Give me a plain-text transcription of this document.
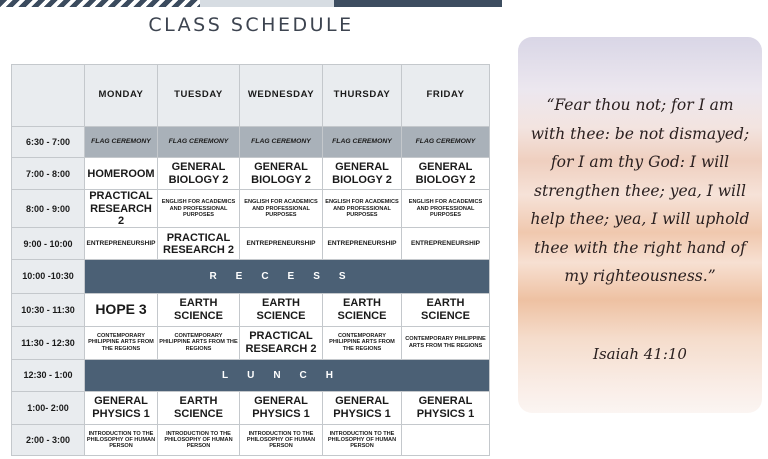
CLASS SCHEDULE
	MONDAY	TUESDAY	WEDNESDAY	THURSDAY	FRIDAY
6:30 - 7:00	FLAG CEREMONY	FLAG CEREMONY	FLAG CEREMONY	FLAG CEREMONY	FLAG CEREMONY
7:00 - 8:00	HOMEROOM	GENERAL BIOLOGY 2	GENERAL BIOLOGY 2	GENERAL BIOLOGY 2	GENERAL BIOLOGY 2
8:00 - 9:00	PRACTICAL RESEARCH 2	ENGLISH FOR ACADEMICS AND PROFESSIONAL PURPOSES	ENGLISH FOR ACADEMICS AND PROFESSIONAL PURPOSES	ENGLISH FOR ACADEMICS AND PROFESSIONAL PURPOSES	ENGLISH FOR ACADEMICS AND PROFESSIONAL PURPOSES
9:00 - 10:00	ENTREPRENEURSHIP	PRACTICAL RESEARCH 2	ENTREPRENEURSHIP	ENTREPRENEURSHIP	ENTREPRENEURSHIP
10:00 -10:30	RECESS				
10:30 - 11:30	HOPE 3	EARTH SCIENCE	EARTH SCIENCE	EARTH SCIENCE	EARTH SCIENCE
11:30 - 12:30	CONTEMPORARY PHILIPPINE ARTS FROM THE REGIONS	CONTEMPORARY PHILIPPINE ARTS FROM THE REGIONS	PRACTICAL RESEARCH 2	CONTEMPORARY PHILIPPINE ARTS FROM THE REGIONS	CONTEMPORARY PHILIPPINE ARTS FROM THE REGIONS
12:30 - 1:00	LUNCH				
1:00- 2:00	GENERAL PHYSICS 1	EARTH SCIENCE	GENERAL PHYSICS 1	GENERAL PHYSICS 1	GENERAL PHYSICS 1
2:00 - 3:00	INTRODUCTION TO THE PHILOSOPHY OF HUMAN PERSON	INTRODUCTION TO THE PHILOSOPHY OF HUMAN PERSON	INTRODUCTION TO THE PHILOSOPHY OF HUMAN PERSON	INTRODUCTION TO THE PHILOSOPHY OF HUMAN PERSON	
“Fear thou not; for I am with thee: be not dismayed; for I am thy God: I will strengthen thee; yea, I will help thee; yea, I will uphold thee with the right hand of my righteousness.”
Isaiah 41:10
